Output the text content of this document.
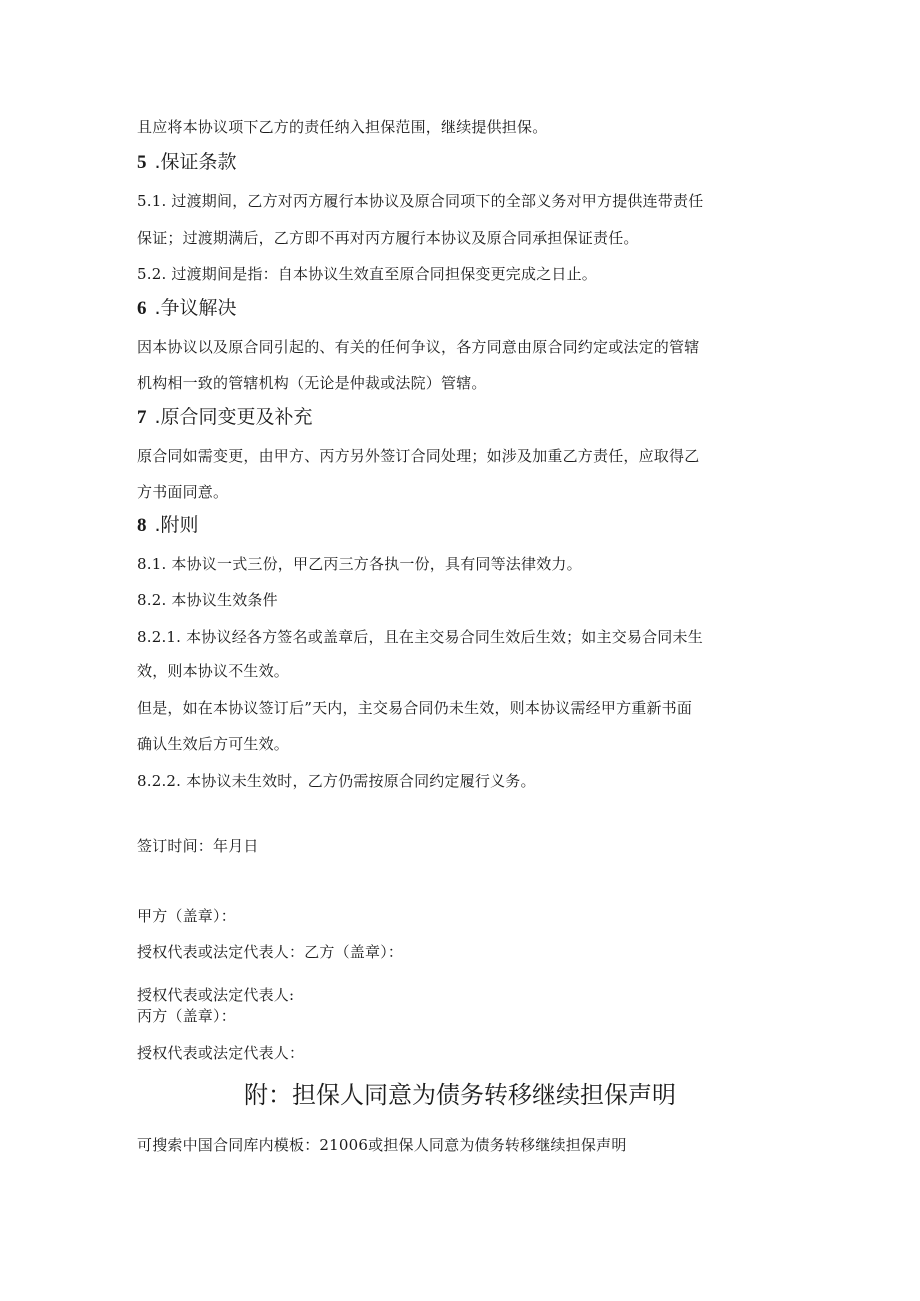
且应将本协议项下乙方的责任纳入担保范围，继续提供担保。
5 .保证条款
5.1. 过渡期间，乙方对丙方履行本协议及原合同项下的全部义务对甲方提供连带责任
保证；过渡期满后，乙方即不再对丙方履行本协议及原合同承担保证责任。
5.2. 过渡期间是指：自本协议生效直至原合同担保变更完成之日止。
6 .争议解决
因本协议以及原合同引起的、有关的任何争议，各方同意由原合同约定或法定的管辖
机构相一致的管辖机构（无论是仲裁或法院）管辖。
7 .原合同变更及补充
原合同如需变更，由甲方、丙方另外签订合同处理；如涉及加重乙方责任，应取得乙
方书面同意。
8 .附则
8.1. 本协议一式三份，甲乙丙三方各执一份，具有同等法律效力。
8.2. 本协议生效条件
8.2.1. 本协议经各方签名或盖章后，且在主交易合同生效后生效；如主交易合同未生
效，则本协议不生效。
但是，如在本协议签订后”天内，主交易合同仍未生效，则本协议需经甲方重新书面
确认生效后方可生效。
8.2.2. 本协议未生效时，乙方仍需按原合同约定履行义务。
签订时间：年月日
甲方（盖章）：
授权代表或法定代表人：乙方（盖章）：
授权代表或法定代表人:
丙方（盖章）：
授权代表或法定代表人：
附：担保人同意为债务转移继续担保声明
可搜索中国合同库内模板：21006或担保人同意为债务转移继续担保声明
